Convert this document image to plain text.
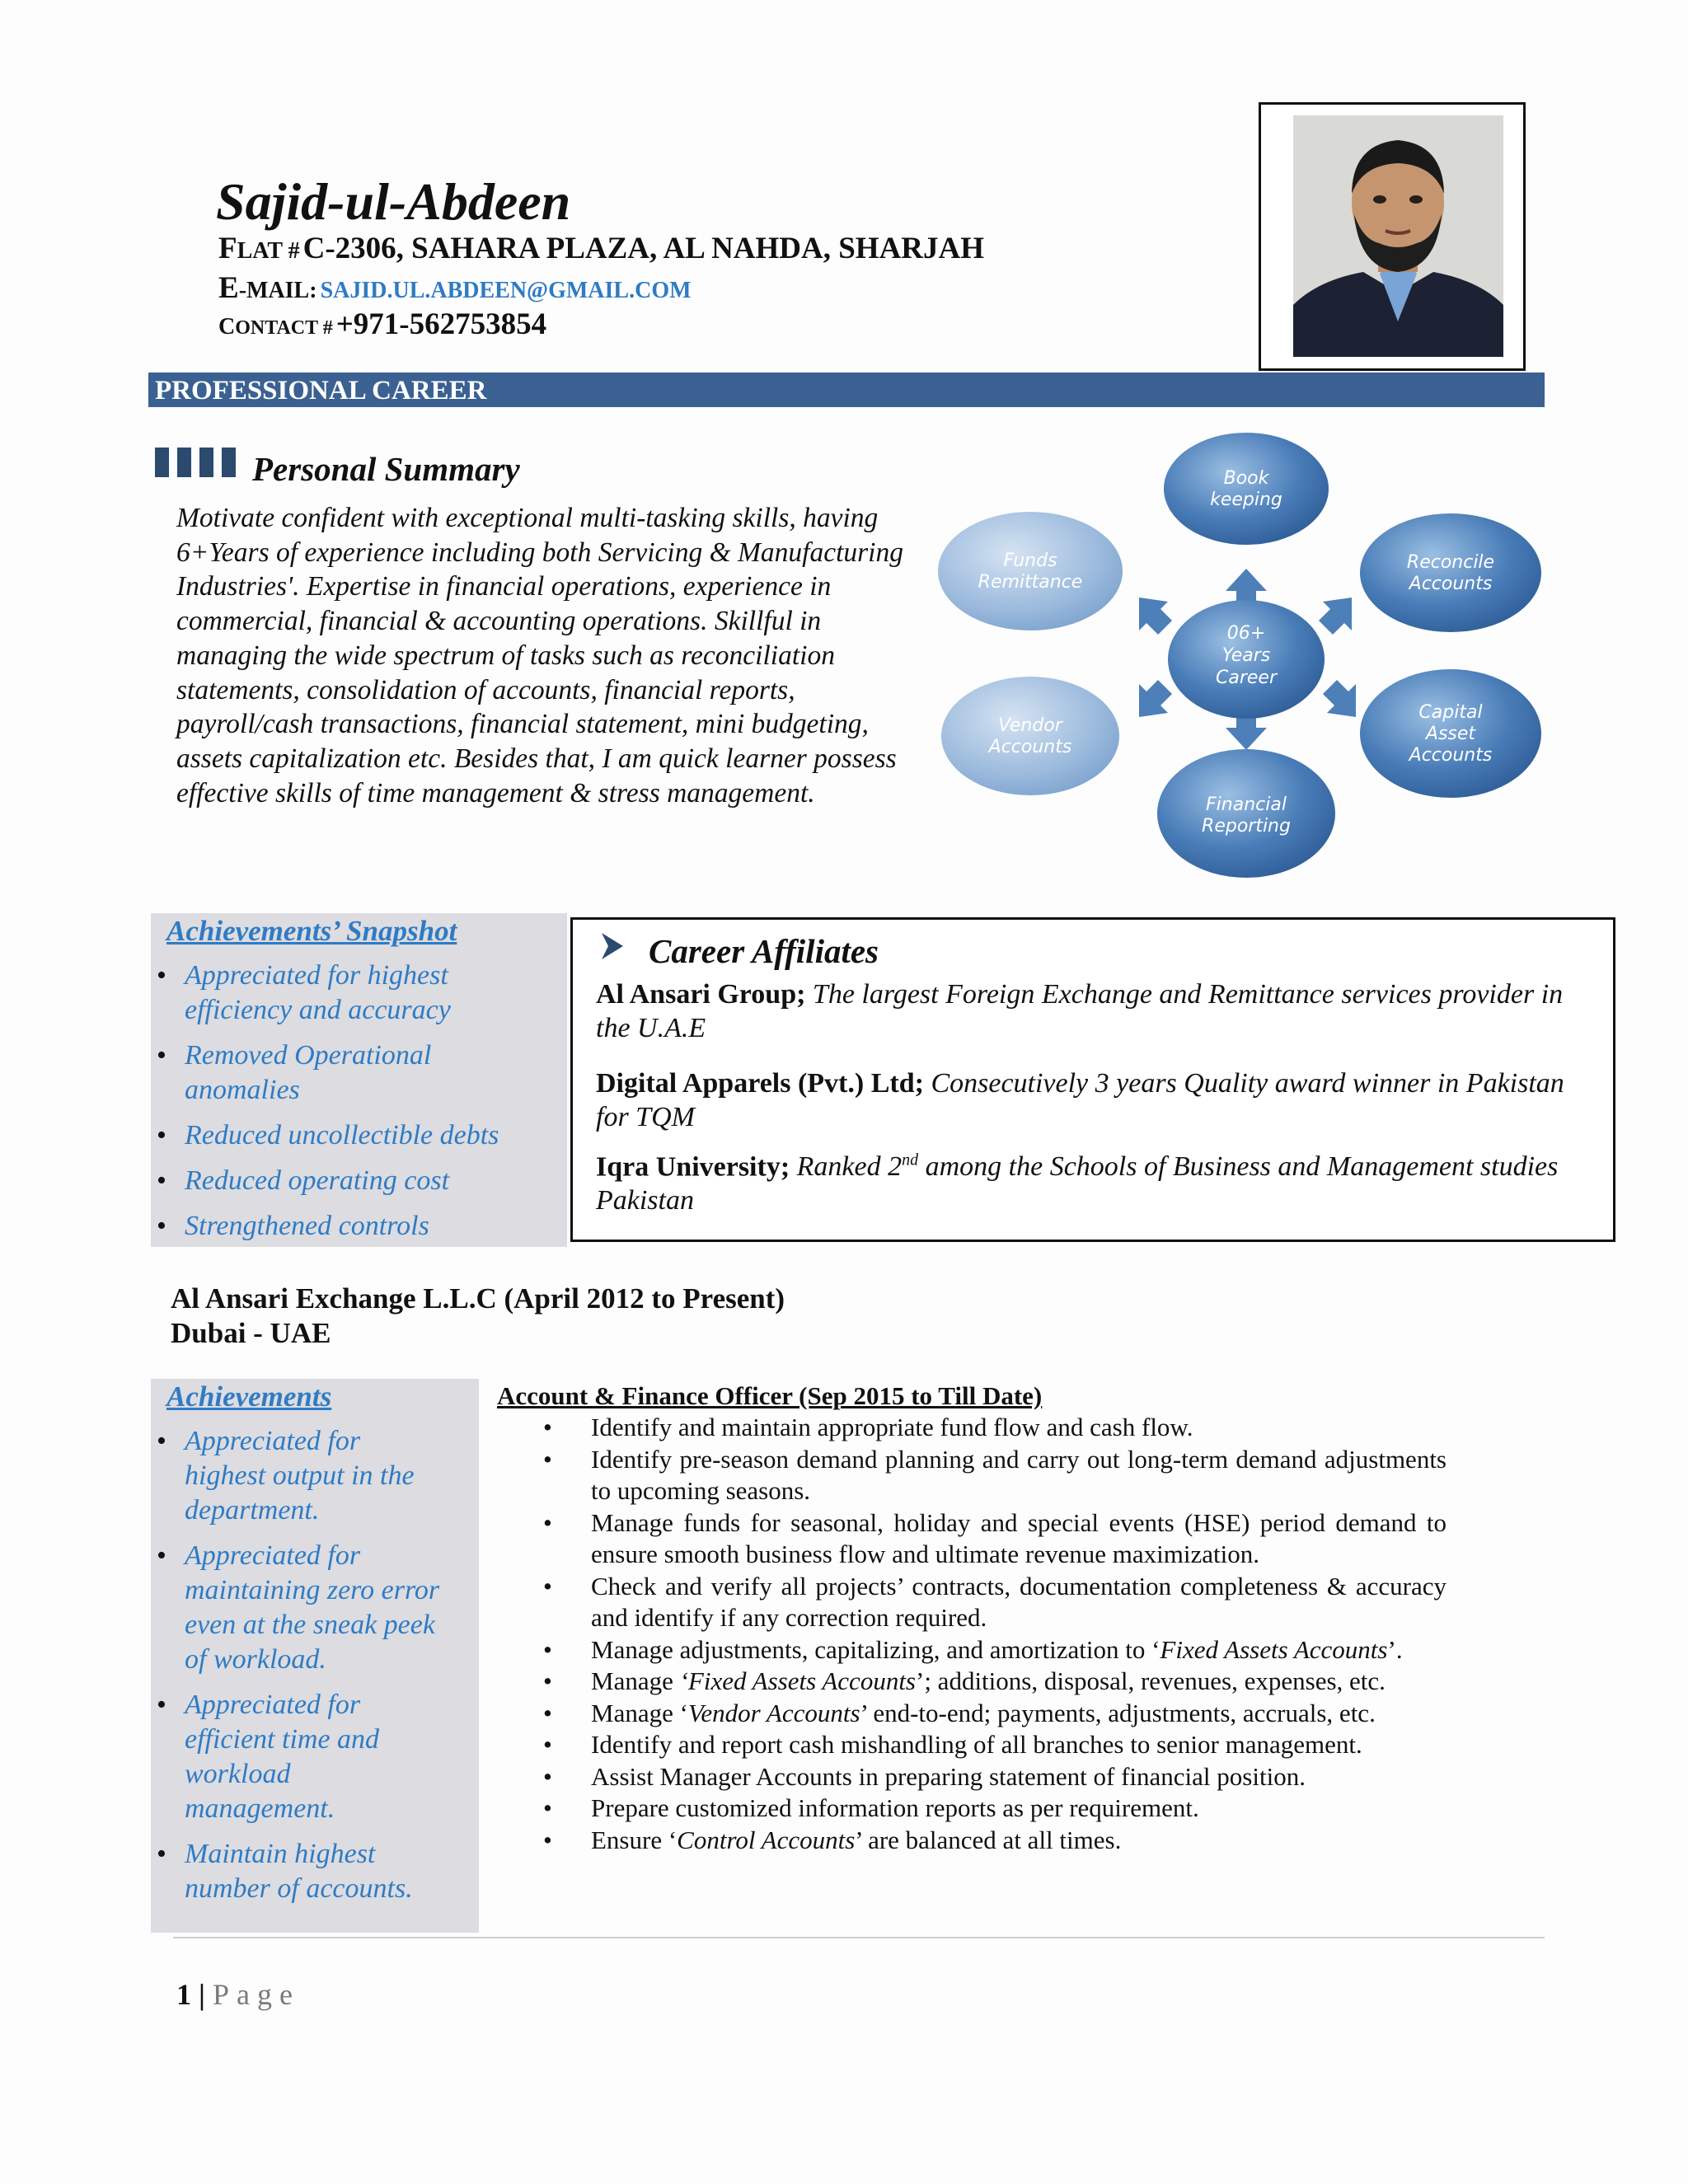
Sajid-ul-Abdeen
FLAT # C-2306, SAHARA PLAZA, AL NAHDA, SHARJAH
E-MAIL: SAJID.UL.ABDEEN@GMAIL.COM
CONTACT # +971-562753854
PROFESSIONAL CAREER
Personal Summary
Motivate confident with exceptional multi-tasking skills, having 6+Years of experience including both Servicing & Manufacturing Industries'. Expertise in financial operations, experience in commercial, financial & accounting operations. Skillful in managing the wide spectrum of tasks such as reconciliation statements, consolidation of accounts, financial reports, payroll/cash transactions, financial statement, mini budgeting, assets capitalization etc. Besides that, I am quick learner possess effective skills of time management & stress management.
06+
Years
Career
Book
keeping
Reconcile
Accounts
Capital
Asset
Accounts
Financial
Reporting
Vendor
Accounts
Funds
Remittance
Achievements’ Snapshot
• Appreciated for highest
efficiency and accuracy
• Removed Operational
anomalies
• Reduced uncollectible debts
• Reduced operating cost
• Strengthened controls
Career Affiliates
Al Ansari Group; The largest Foreign Exchange and Remittance services provider in the U.A.E
Digital Apparels (Pvt.) Ltd; Consecutively 3 years Quality award winner in Pakistan for TQM
Iqra University; Ranked 2nd among the Schools of Business and Management studies Pakistan
Al Ansari Exchange L.L.C (April 2012 to Present)
Dubai - UAE
Achievements
• Appreciated for
highest output in the
department.
• Appreciated for
maintaining zero error
even at the sneak peek
of workload.
• Appreciated for
efficient time and
workload
management.
• Maintain highest
number of accounts.
Account & Finance Officer (Sep 2015 to Till Date)
• Identify and maintain appropriate fund flow and cash flow.
• Identify pre-season demand planning and carry out long-term demand adjustments to upcoming seasons.
• Manage funds for seasonal, holiday and special events (HSE) period demand to ensure smooth business flow and ultimate revenue maximization.
• Check and verify all projects’ contracts, documentation completeness & accuracy and identify if any correction required.
• Manage adjustments, capitalizing, and amortization to ‘Fixed Assets Accounts’.
• Manage ‘Fixed Assets Accounts’; additions, disposal, revenues, expenses, etc.
• Manage ‘Vendor Accounts’ end-to-end; payments, adjustments, accruals, etc.
• Identify and report cash mishandling of all branches to senior management.
• Assist Manager Accounts in preparing statement of financial position.
• Prepare customized information reports as per requirement.
• Ensure ‘Control Accounts’ are balanced at all times.
1 | Page
